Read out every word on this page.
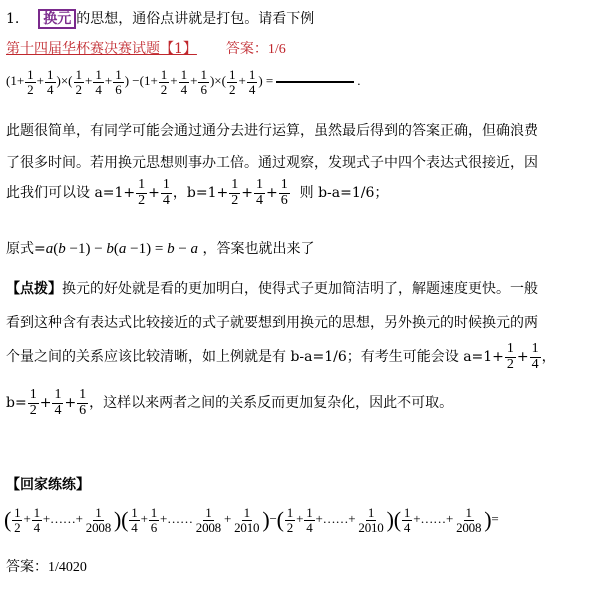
1. 换元 的思想，通俗点讲就是打包。请看下例
第十四届华杯赛决赛试题【1】 答案：1/6
($1+ \frac{1}{2} + \frac{1}{4}$ )×( $\frac{1}{2} + \frac{1}{4} + \frac{1}{6}$ ) $-(1+ \frac{1}{2} + \frac{1}{4} + \frac{1}{6}$ )×( $\frac{1}{2} + \frac{1}{4}$ ) =	.
此题很简单，有同学可能会通过通分去进行运算，虽然最后得到的答案正确，但确浪费
了很多时间。若用换元思想则事办工倍。通过观察，发现式子中四个表达式很接近，因
此我们可以设 $a=1+ \frac{1}{2} + \frac{1}{4}$ ，$b=1+ \frac{1}{2} + \frac{1}{4} + \frac{1}{6}$ 则 b-a=1/6；
原式=a(b −1) − b(a −1) = b − a ，答案也就出来了
【点拨】换元的好处就是看的更加明白，使得式子更加简洁明了，解题速度更快。一般
看到这种含有表达式比较接近的式子就要想到用换元的思想，另外换元的时候换元的两
个量之间的关系应该比较清晰，如上例就是有 b-a=1/6；有考生可能会设 $a=1+ \frac{1}{2} + \frac{1}{4}$ ，
$b= \frac{1}{2} + \frac{1}{4} + \frac{1}{6}$ ，这样以来两者之间的关系反而更加复杂化，因此不可取。
【回家练练】
( $\frac{1}{2} + \frac{1}{4}$ +……+ $\frac{1}{2008}$ )( $\frac{1}{4} + \frac{1}{6}$ +…… $\frac{1}{2008} + \frac{1}{2010}$ )−( $\frac{1}{2} + \frac{1}{4}$ +……+ $\frac{1}{2010}$ )( $\frac{1}{4}$ +……+ $\frac{1}{2008}$ )=
答案：1/4020
